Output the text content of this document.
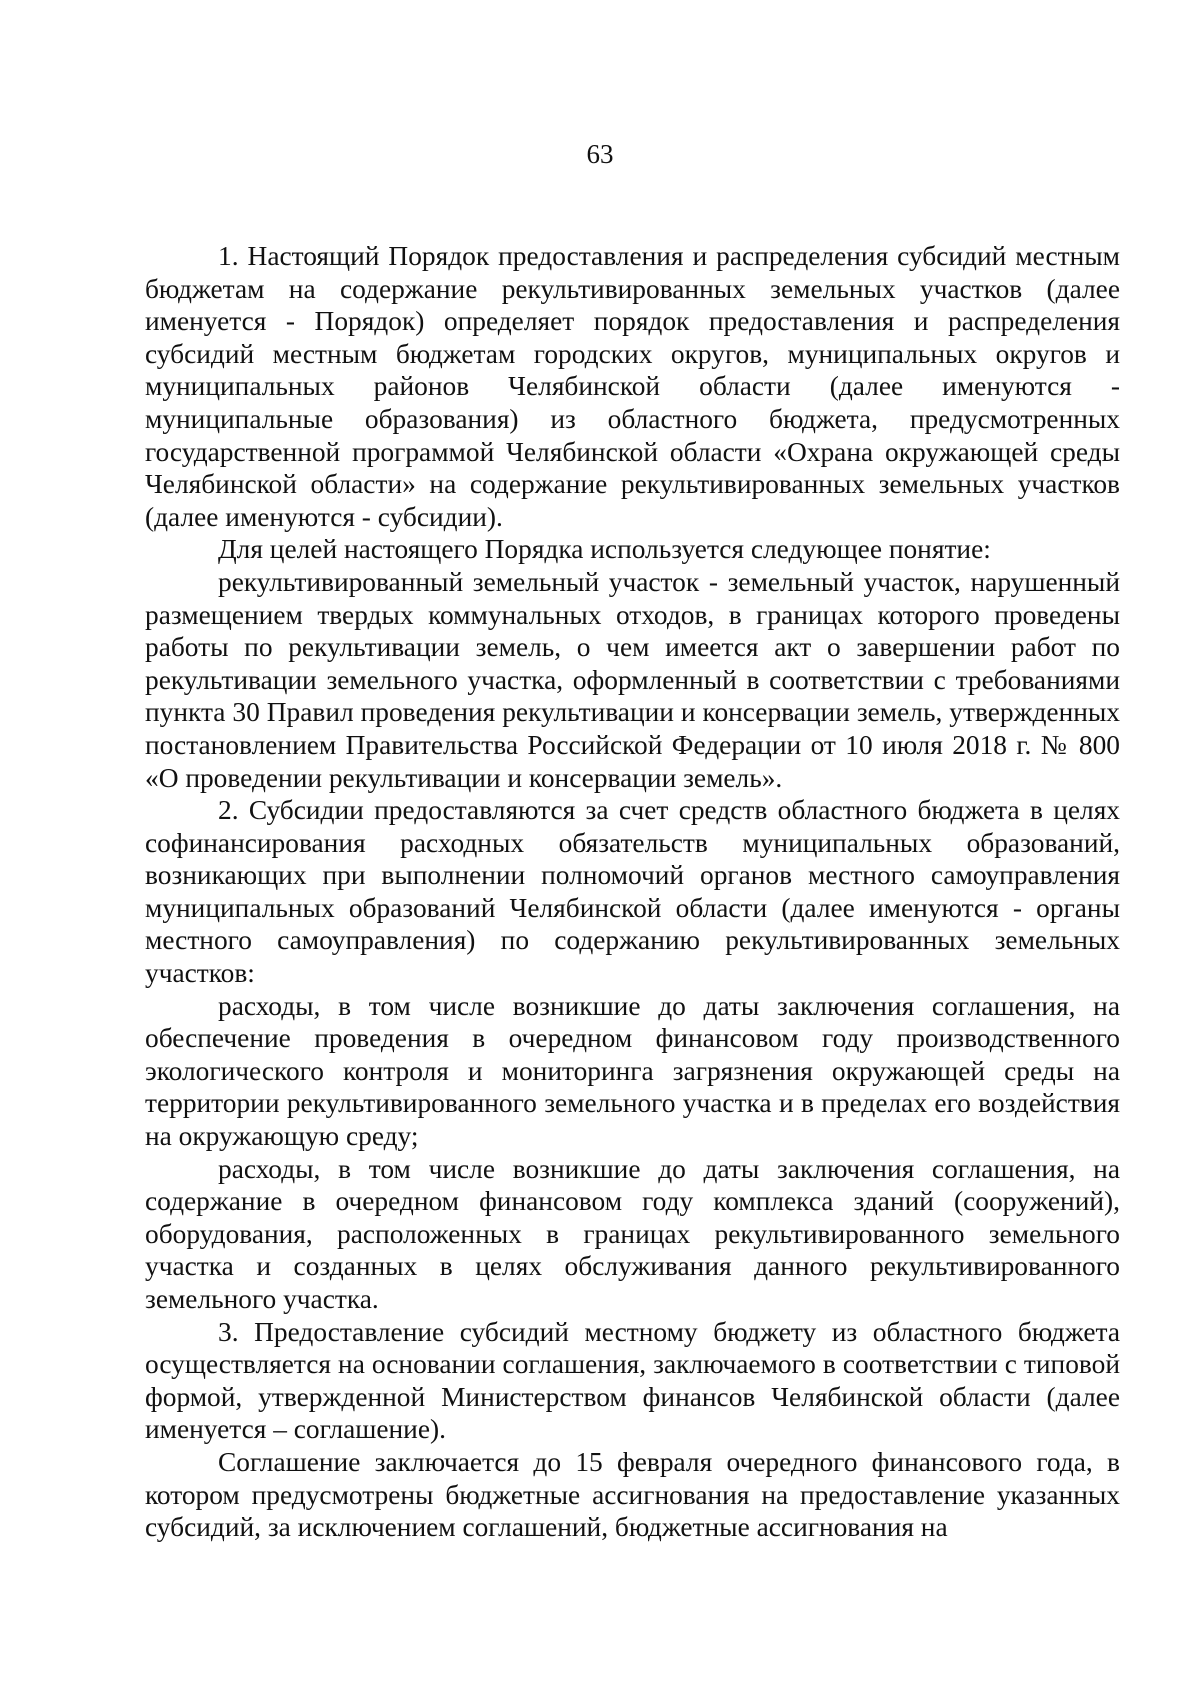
63

1. Настоящий Порядок предоставления и распределения субсидий местным бюджетам на содержание рекультивированных земельных участков (далее именуется - Порядок) определяет порядок предоставления и распределения субсидий местным бюджетам городских округов, муниципальных округов и муниципальных районов Челябинской области (далее именуются - муниципальные образования) из областного бюджета, предусмотренных государственной программой Челябинской области «Охрана окружающей среды Челябинской области» на содержание рекультивированных земельных участков (далее именуются - субсидии).

Для целей настоящего Порядка используется следующее понятие:

рекультивированный земельный участок - земельный участок, нарушенный размещением твердых коммунальных отходов, в границах которого проведены работы по рекультивации земель, о чем имеется акт о завершении работ по рекультивации земельного участка, оформленный в соответствии с требованиями пункта 30 Правил проведения рекультивации и консервации земель, утвержденных постановлением Правительства Российской Федерации от 10 июля 2018 г. № 800 «О проведении рекультивации и консервации земель».

2. Субсидии предоставляются за счет средств областного бюджета в целях софинансирования расходных обязательств муниципальных образований, возникающих при выполнении полномочий органов местного самоуправления муниципальных образований Челябинской области (далее именуются - органы местного самоуправления) по содержанию рекультивированных земельных участков:

расходы, в том числе возникшие до даты заключения соглашения, на обеспечение проведения в очередном финансовом году производственного экологического контроля и мониторинга загрязнения окружающей среды на территории рекультивированного земельного участка и в пределах его воздействия на окружающую среду;

расходы, в том числе возникшие до даты заключения соглашения, на содержание в очередном финансовом году комплекса зданий (сооружений), оборудования, расположенных в границах рекультивированного земельного участка и созданных в целях обслуживания данного рекультивированного земельного участка.

3. Предоставление субсидий местному бюджету из областного бюджета осуществляется на основании соглашения, заключаемого в соответствии с типовой формой, утвержденной Министерством финансов Челябинской области (далее именуется – соглашение).

Соглашение заключается до 15 февраля очередного финансового года, в котором предусмотрены бюджетные ассигнования на предоставление указанных субсидий, за исключением соглашений, бюджетные ассигнования на
